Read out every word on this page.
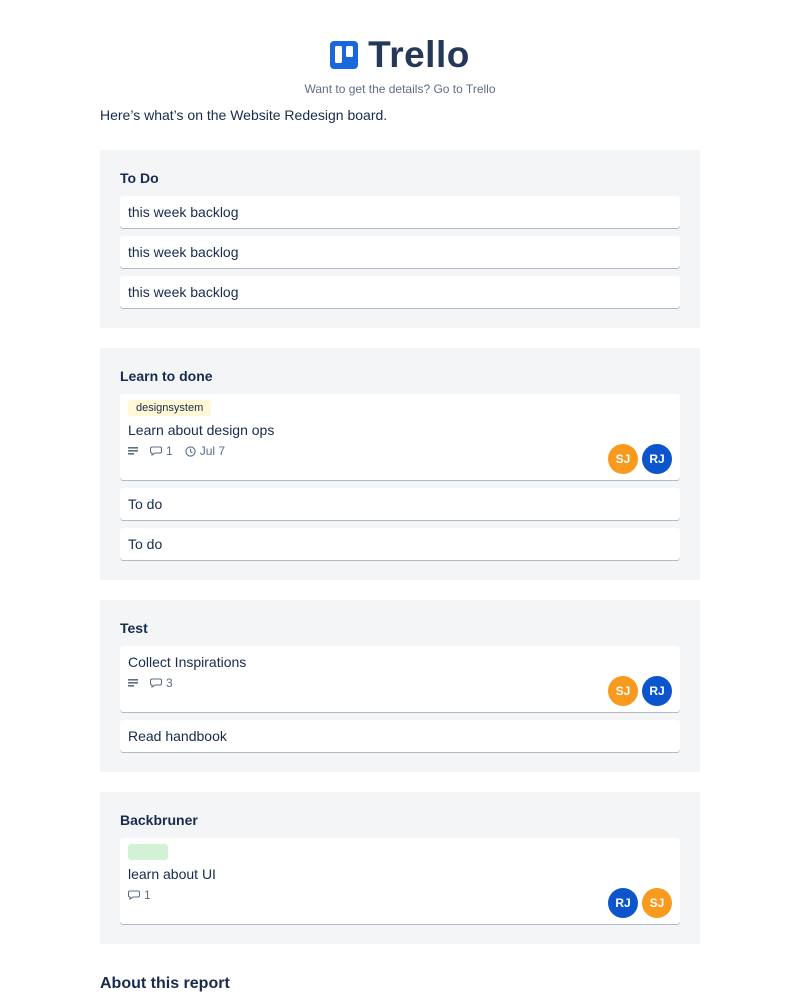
Trello
Want to get the details? Go to Trello
Here’s what’s on the Website Redesign board.
To Do
this week backlog
this week backlog
this week backlog
Learn to done
designsystem
Learn about design ops
1 Jul 7
SJ	RJ
To do
To do
Test
Collect Inspirations
3
SJ	RJ
Read handbook
Backbruner
learn about UI
1
RJ	SJ
About this report
